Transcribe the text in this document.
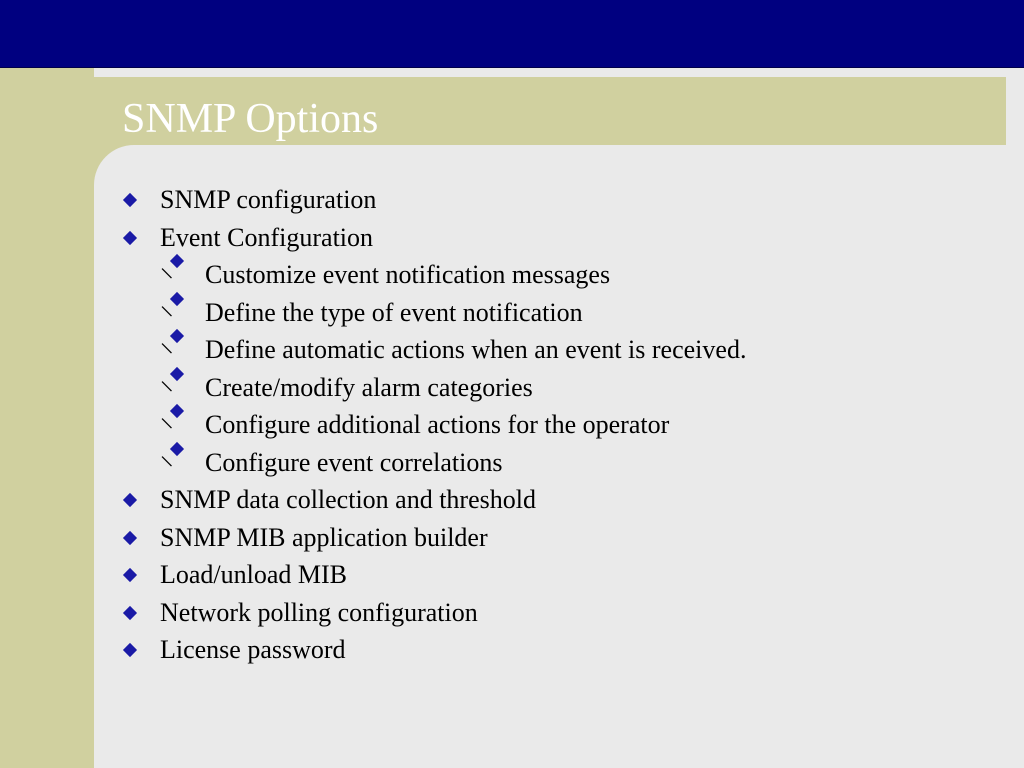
SNMP Options
SNMP configuration
Event Configuration
– Customize event notification messages
– Define the type of event notification
– Define automatic actions when an event is received.
– Create/modify alarm categories
– Configure additional actions for the operator
– Configure event correlations
SNMP data collection and threshold
SNMP MIB application builder
Load/unload MIB
Network polling configuration
License password
